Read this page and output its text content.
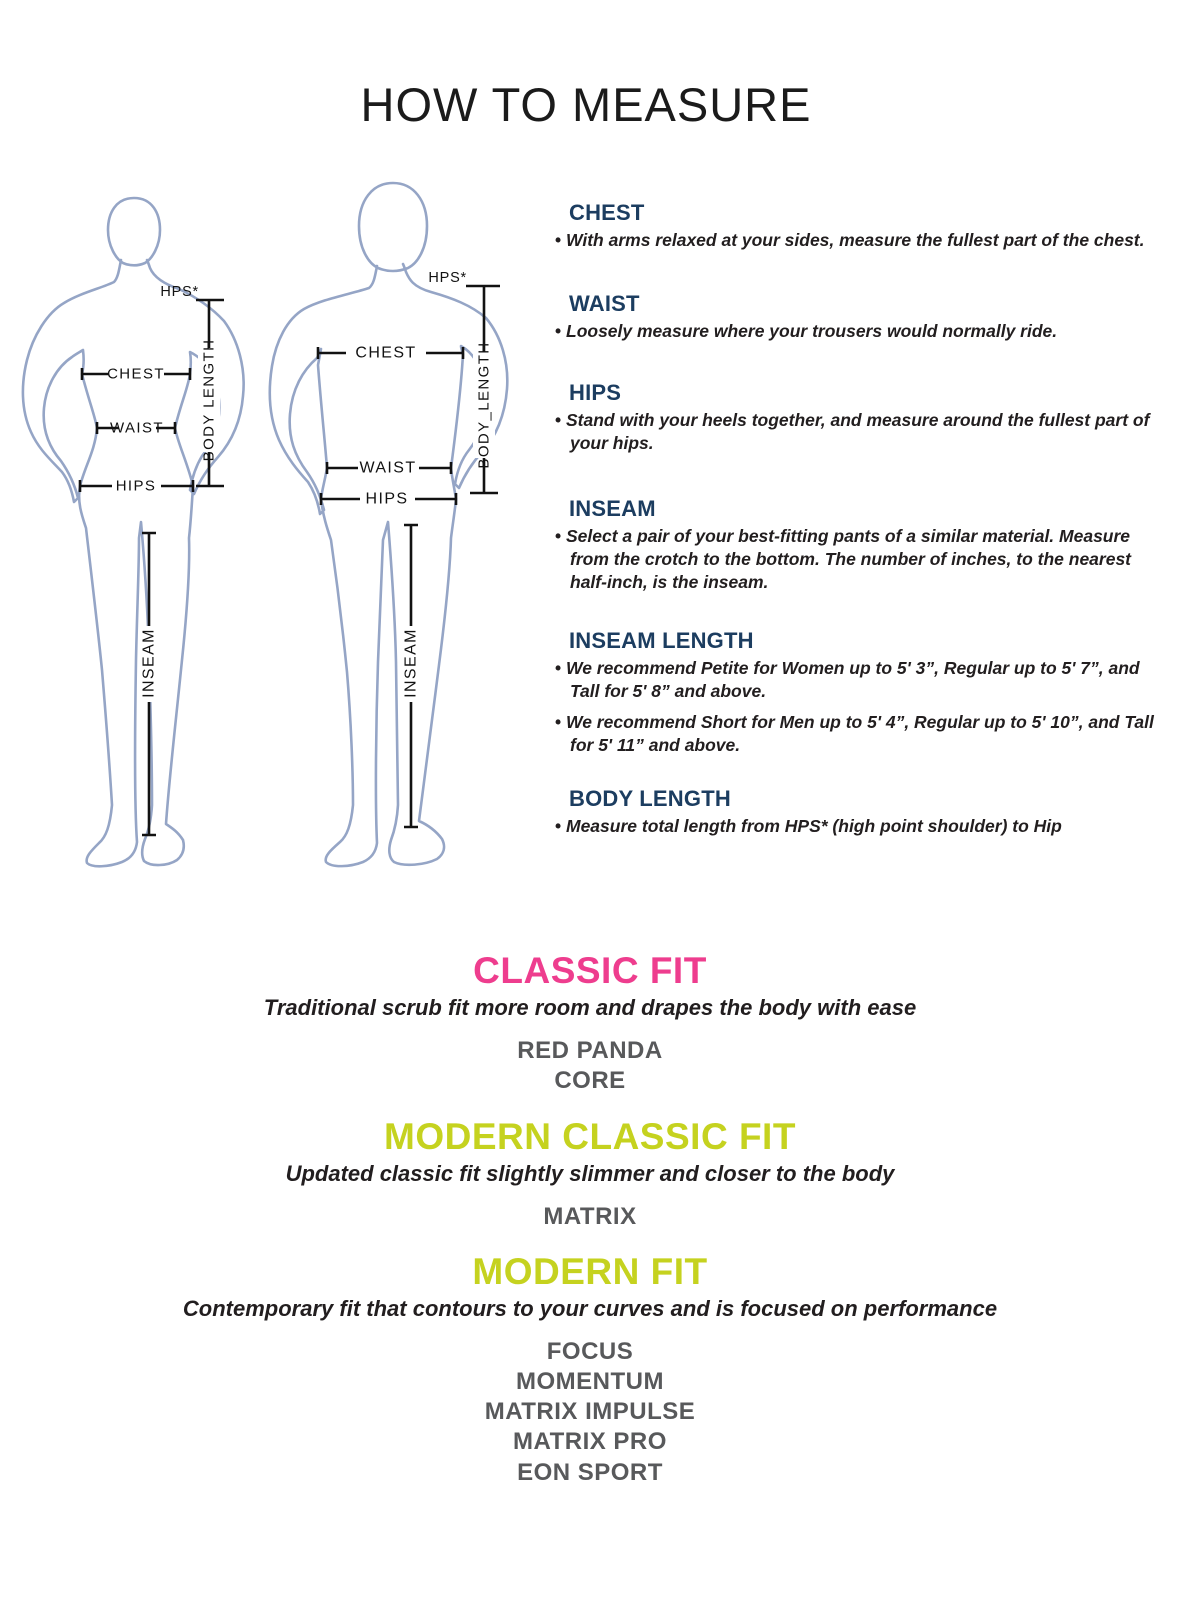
HOW TO MEASURE
BODY LENGTH
HPS*
CHEST
WAIST
HIPS
INSEAM
BODY_LENGTH
HPS*
CHEST
WAIST
HIPS
INSEAM
CHEST

• With arms relaxed at your sides, measure the fullest part of the chest.

WAIST

• Loosely measure where your trousers would normally ride.

HIPS

• Stand with your heels together, and measure around the fullest part of your hips.

INSEAM

• Select a pair of your best-fitting pants of a similar material. Measure from the crotch to the bottom. The number of inches, to the nearest half-inch, is the inseam.

INSEAM LENGTH

• We recommend Petite for Women up to 5' 3”, Regular up to 5' 7”, and Tall for 5' 8” and above.

• We recommend Short for Men up to 5' 4”, Regular up to 5' 10”, and Tall for 5' 11” and above.

BODY LENGTH

• Measure total length from HPS* (high point shoulder) to Hip

CLASSIC FIT
Traditional scrub fit more room and drapes the body with ease
RED PANDA
CORE
MODERN CLASSIC FIT
Updated classic fit slightly slimmer and closer to the body
MATRIX
MODERN FIT
Contemporary fit that contours to your curves and is focused on performance
FOCUS
MOMENTUM
MATRIX IMPULSE
MATRIX PRO
EON SPORT
